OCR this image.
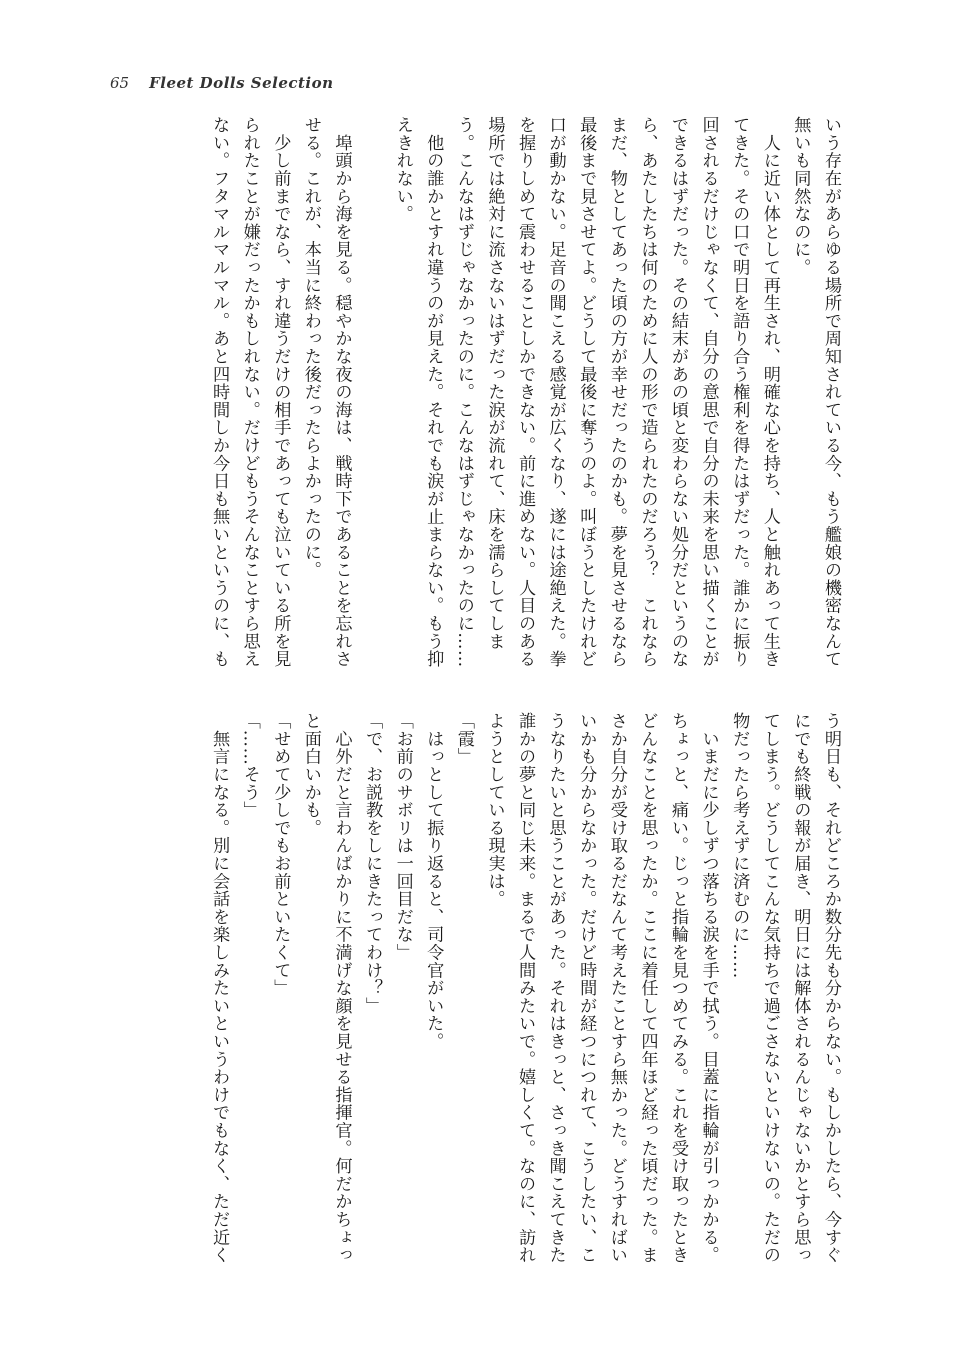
65 Fleet Dolls Selection
いう存在があらゆる場所で周知されている今、もう艦娘の機密なんて
無いも同然なのに。
　人に近い体として再生され、明確な心を持ち、人と触れあって生き
てきた。その口で明日を語り合う権利を得たはずだった。誰かに振り
回されるだけじゃなくて、自分の意思で自分の未来を思い描くことが
できるはずだった。その結末があの頃と変わらない処分だというのな
ら、あたしたちは何のために人の形で造られたのだろう？　これなら
まだ、物としてあった頃の方が幸せだったのかも。夢を見させるなら
最後まで見させてよ。どうして最後に奪うのよ。叫ぼうとしたけれど
口が動かない。足音の聞こえる感覚が広くなり、遂には途絶えた。拳
を握りしめて震わせることしかできない。前に進めない。人目のある
場所では絶対に流さないはずだった涙が流れて、床を濡らしてしま
う。こんなはずじゃなかったのに。こんなはずじゃなかったのに……
　他の誰かとすれ違うのが見えた。それでも涙が止まらない。もう抑
えきれない。
　埠頭から海を見る。穏やかな夜の海は、戦時下であることを忘れさ
せる。これが、本当に終わった後だったらよかったのに。
　少し前までなら、すれ違うだけの相手であっても泣いている所を見
られたことが嫌だったかもしれない。だけどもうそんなことすら思え
ない。フタマルマルマル。あと四時間しか今日も無いというのに、も
う明日も、それどころか数分先も分からない。もしかしたら、今すぐ
にでも終戦の報が届き、明日には解体されるんじゃないかとすら思っ
てしまう。どうしてこんな気持ちで過ごさないといけないの。ただの
物だったら考えずに済むのに……
　いまだに少しずつ落ちる涙を手で拭う。目蓋に指輪が引っかかる。
ちょっと、痛い。じっと指輪を見つめてみる。これを受け取ったとき
どんなことを思ったか。ここに着任して四年ほど経った頃だった。ま
さか自分が受け取るだなんて考えたことすら無かった。どうすればい
いかも分からなかった。だけど時間が経つにつれて、こうしたい、こ
うなりたいと思うことがあった。それはきっと、さっき聞こえてきた
誰かの夢と同じ未来。まるで人間みたいで。嬉しくて。なのに、訪れ
ようとしている現実は。
「霞」
　はっとして振り返ると、司令官がいた。
「お前のサボリは一回目だな」
「で、お説教をしにきたってわけ？」
　心外だと言わんばかりに不満げな顔を見せる指揮官。何だかちょっ
と面白いかも。
「せめて少しでもお前といたくて」
「……そう」
　無言になる。別に会話を楽しみたいというわけでもなく、ただ近く
